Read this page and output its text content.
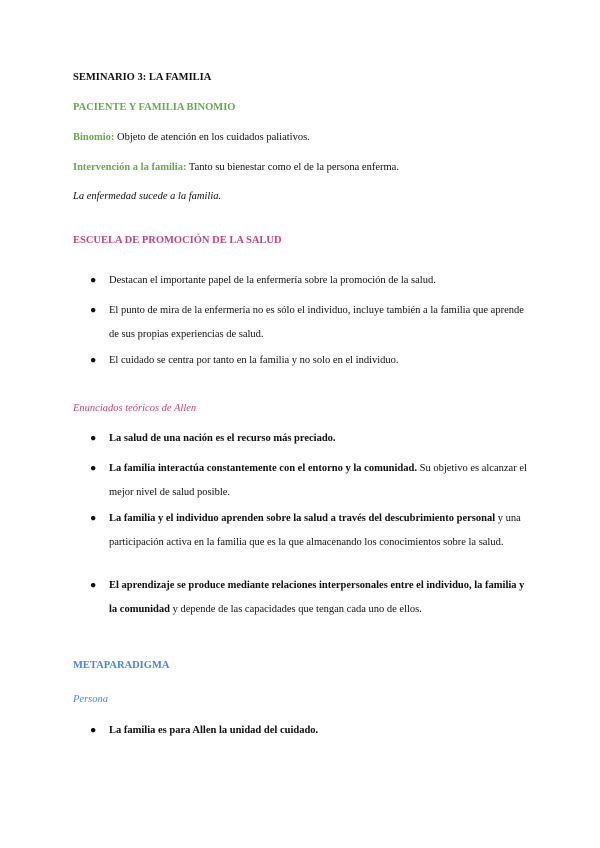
SEMINARIO 3: LA FAMILIA
PACIENTE Y FAMILIA BINOMIO
Binomio: Objeto de atención en los cuidados paliativos.
Intervención a la familia: Tanto su bienestar como el de la persona enferma.
La enfermedad sucede a la familia.
ESCUELA DE PROMOCIÓN DE LA SALUD
●	Destacan el importante papel de la enfermería sobre la promoción de la salud.
●	El punto de mira de la enfermería no es sólo el individuo, incluye también a la familia que aprende de sus propias experiencias de salud.
●	El cuidado se centra por tanto en la familia y no solo en el individuo.
Enunciados teóricos de Allen
●	La salud de una nación es el recurso más preciado.
●	La familia interactúa constantemente con el entorno y la comunidad. Su objetivo es alcanzar el mejor nivel de salud posible.
●	La familia y el individuo aprenden sobre la salud a través del descubrimiento personal y una participación activa en la familia que es la que almacenando los conocimientos sobre la salud.
●	El aprendizaje se produce mediante relaciones interpersonales entre el individuo, la familia y la comunidad y depende de las capacidades que tengan cada uno de ellos.
METAPARADIGMA
Persona
●	La familia es para Allen la unidad del cuidado.
